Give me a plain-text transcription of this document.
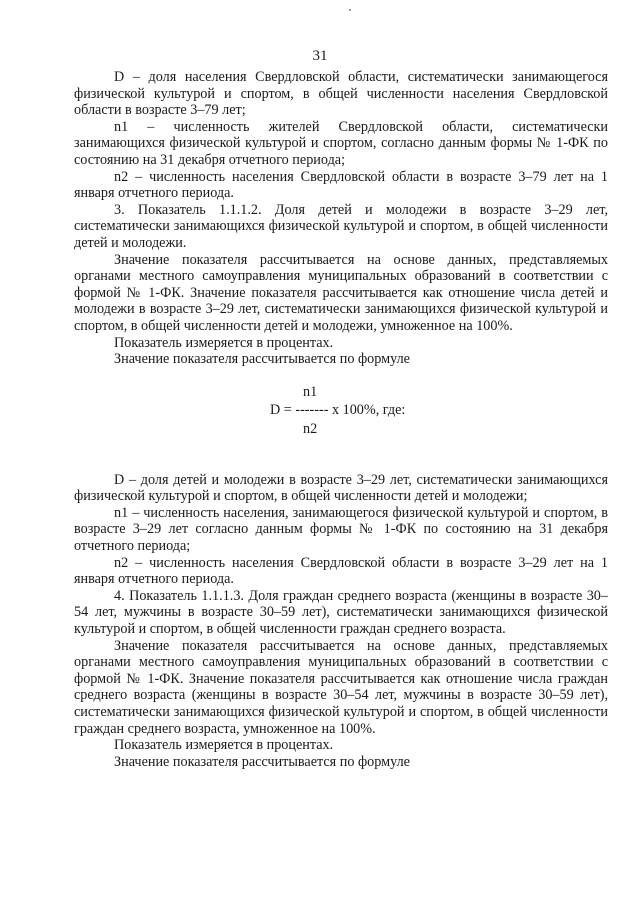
31

D – доля населения Свердловской области, систематически занимающегося физической культурой и спортом, в общей численности населения Свердловской области в возрасте 3–79 лет;

n1 – численность жителей Свердловской области, систематически занимающихся физической культурой и спортом, согласно данным формы № 1-ФК по состоянию на 31 декабря отчетного периода;

n2 – численность населения Свердловской области в возрасте 3–79 лет на 1 января отчетного периода.

3. Показатель 1.1.1.2. Доля детей и молодежи в возрасте 3–29 лет, систематически занимающихся физической культурой и спортом, в общей численности детей и молодежи.

Значение показателя рассчитывается на основе данных, представляемых органами местного самоуправления муниципальных образований в соответствии с формой № 1-ФК. Значение показателя рассчитывается как отношение числа детей и молодежи в возрасте 3–29 лет, систематически занимающихся физической культурой и спортом, в общей численности детей и молодежи, умноженное на 100%.

Показатель измеряется в процентах.

Значение показателя рассчитывается по формуле

n1
D = ------- x 100%, где:
n2

D – доля детей и молодежи в возрасте 3–29 лет, систематически занимающихся физической культурой и спортом, в общей численности детей и молодежи;

n1 – численность населения, занимающегося физической культурой и спортом, в возрасте 3–29 лет согласно данным формы № 1-ФК по состоянию на 31 декабря отчетного периода;

n2 – численность населения Свердловской области в возрасте 3–29 лет на 1 января отчетного периода.

4. Показатель 1.1.1.3. Доля граждан среднего возраста (женщины в возрасте 30–54 лет, мужчины в возрасте 30–59 лет), систематически занимающихся физической культурой и спортом, в общей численности граждан среднего возраста.

Значение показателя рассчитывается на основе данных, представляемых органами местного самоуправления муниципальных образований в соответствии с формой № 1-ФК. Значение показателя рассчитывается как отношение числа граждан среднего возраста (женщины в возрасте 30–54 лет, мужчины в возрасте 30–59 лет), систематически занимающихся физической культурой и спортом, в общей численности граждан среднего возраста, умноженное на 100%.

Показатель измеряется в процентах.

Значение показателя рассчитывается по формуле
